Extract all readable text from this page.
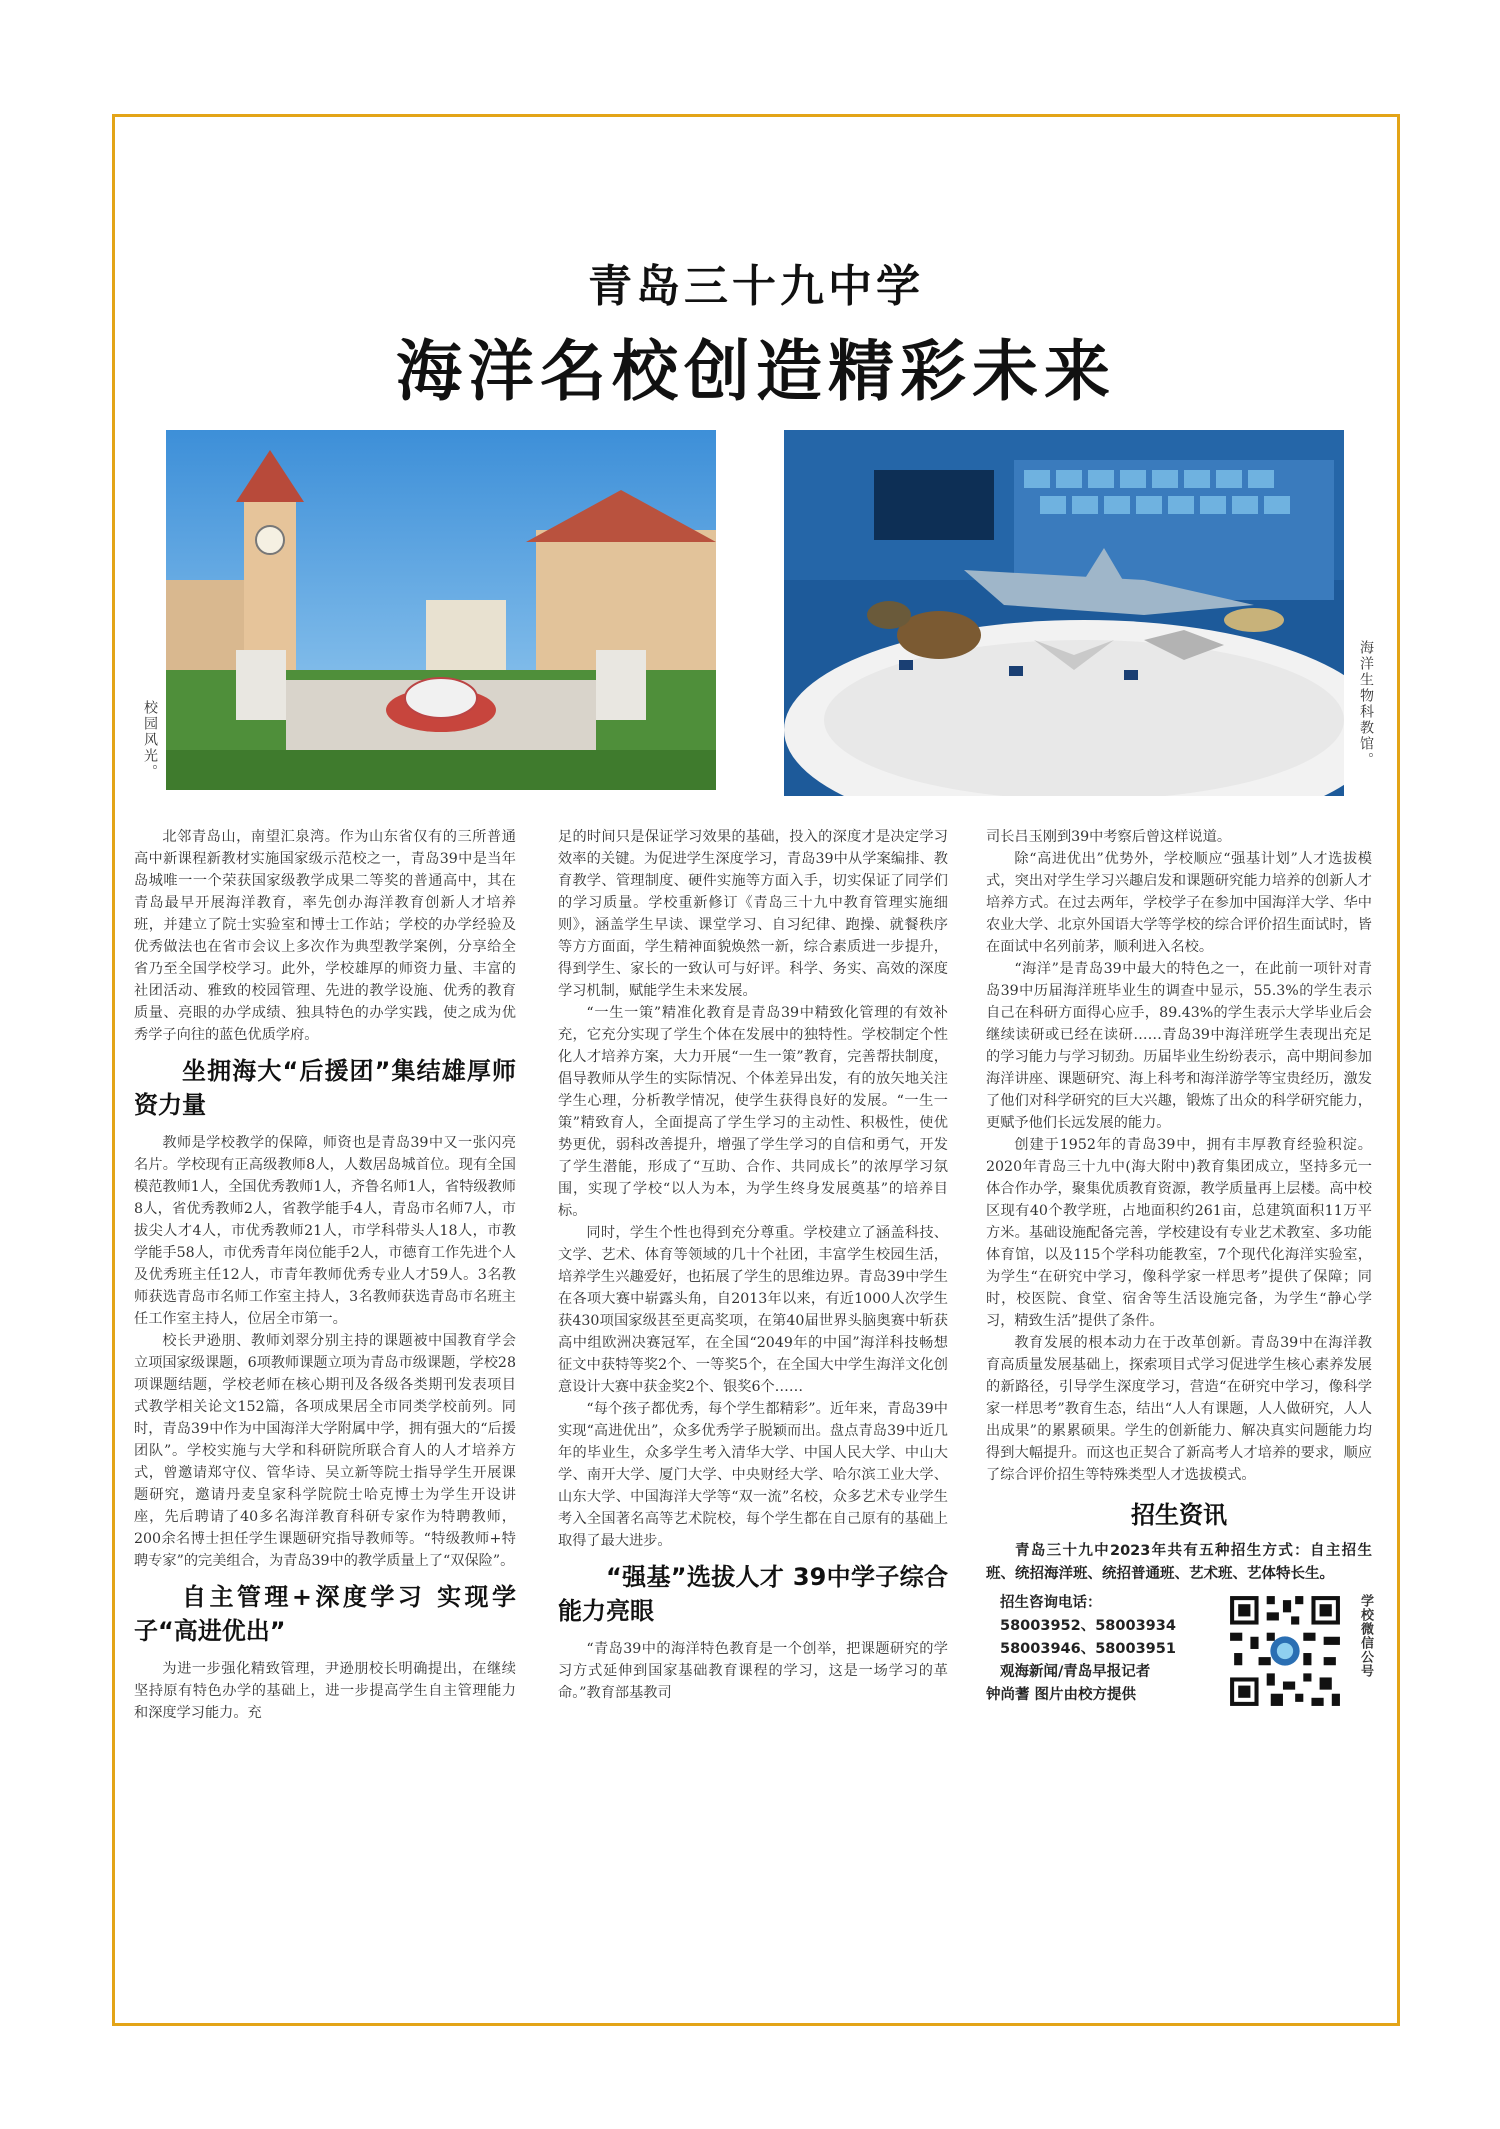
青岛三十九中学
海洋名校创造精彩未来
校园风光。	海洋生物科教馆。

北邻青岛山，南望汇泉湾。作为山东省仅有的三所普通高中新课程新教材实施国家级示范校之一，青岛39中是当年岛城唯一一个荣获国家级教学成果二等奖的普通高中，其在青岛最早开展海洋教育，率先创办海洋教育创新人才培养班，并建立了院士实验室和博士工作站；学校的办学经验及优秀做法也在省市会议上多次作为典型教学案例，分享给全省乃至全国学校学习。此外，学校雄厚的师资力量、丰富的社团活动、雅致的校园管理、先进的教学设施、优秀的教育质量、亮眼的办学成绩、独具特色的办学实践，使之成为优秀学子向往的蓝色优质学府。

坐拥海大“后援团”集结雄厚师资力量

教师是学校教学的保障，师资也是青岛39中又一张闪亮名片。学校现有正高级教师8人，人数居岛城首位。现有全国模范教师1人，全国优秀教师1人，齐鲁名师1人，省特级教师8人，省优秀教师2人，省教学能手4人，青岛市名师7人，市拔尖人才4人，市优秀教师21人，市学科带头人18人，市教学能手58人，市优秀青年岗位能手2人，市德育工作先进个人及优秀班主任12人，市青年教师优秀专业人才59人。3名教师获选青岛市名师工作室主持人，3名教师获选青岛市名班主任工作室主持人，位居全市第一。

校长尹逊朋、教师刘翠分别主持的课题被中国教育学会立项国家级课题，6项教师课题立项为青岛市级课题，学校28项课题结题，学校老师在核心期刊及各级各类期刊发表项目式教学相关论文152篇，各项成果居全市同类学校前列。同时，青岛39中作为中国海洋大学附属中学，拥有强大的“后援团队”。学校实施与大学和科研院所联合育人的人才培养方式，曾邀请郑守仪、管华诗、吴立新等院士指导学生开展课题研究，邀请丹麦皇家科学院院士哈克博士为学生开设讲座，先后聘请了40多名海洋教育科研专家作为特聘教师，200余名博士担任学生课题研究指导教师等。“特级教师+特聘专家”的完美组合，为青岛39中的教学质量上了“双保险”。

自主管理+深度学习 实现学子“高进优出”

为进一步强化精致管理，尹逊朋校长明确提出，在继续坚持原有特色办学的基础上，进一步提高学生自主管理能力和深度学习能力。充

足的时间只是保证学习效果的基础，投入的深度才是决定学习效率的关键。为促进学生深度学习，青岛39中从学案编排、教育教学、管理制度、硬件实施等方面入手，切实保证了同学们的学习质量。学校重新修订《青岛三十九中教育管理实施细则》，涵盖学生早读、课堂学习、自习纪律、跑操、就餐秩序等方方面面，学生精神面貌焕然一新，综合素质进一步提升，得到学生、家长的一致认可与好评。科学、务实、高效的深度学习机制，赋能学生未来发展。

“一生一策”精准化教育是青岛39中精致化管理的有效补充，它充分实现了学生个体在发展中的独特性。学校制定个性化人才培养方案，大力开展“一生一策”教育，完善帮扶制度，倡导教师从学生的实际情况、个体差异出发，有的放矢地关注学生心理，分析教学情况，使学生获得良好的发展。“一生一策”精致育人，全面提高了学生学习的主动性、积极性，使优势更优，弱科改善提升，增强了学生学习的自信和勇气，开发了学生潜能，形成了“互助、合作、共同成长”的浓厚学习氛围，实现了学校“以人为本，为学生终身发展奠基”的培养目标。

同时，学生个性也得到充分尊重。学校建立了涵盖科技、文学、艺术、体育等领域的几十个社团，丰富学生校园生活，培养学生兴趣爱好，也拓展了学生的思维边界。青岛39中学生在各项大赛中崭露头角，自2013年以来，有近1000人次学生获430项国家级甚至更高奖项，在第40届世界头脑奥赛中斩获高中组欧洲决赛冠军，在全国“2049年的中国”海洋科技畅想征文中获特等奖2个、一等奖5个，在全国大中学生海洋文化创意设计大赛中获金奖2个、银奖6个……

“每个孩子都优秀，每个学生都精彩”。近年来，青岛39中实现“高进优出”，众多优秀学子脱颖而出。盘点青岛39中近几年的毕业生，众多学生考入清华大学、中国人民大学、中山大学、南开大学、厦门大学、中央财经大学、哈尔滨工业大学、山东大学、中国海洋大学等“双一流”名校，众多艺术专业学生考入全国著名高等艺术院校，每个学生都在自己原有的基础上取得了最大进步。

“强基”选拔人才 39中学子综合能力亮眼

“青岛39中的海洋特色教育是一个创举，把课题研究的学习方式延伸到国家基础教育课程的学习，这是一场学习的革命。”教育部基教司

司长吕玉刚到39中考察后曾这样说道。

除“高进优出”优势外，学校顺应“强基计划”人才选拔模式，突出对学生学习兴趣启发和课题研究能力培养的创新人才培养方式。在过去两年，学校学子在参加中国海洋大学、华中农业大学、北京外国语大学等学校的综合评价招生面试时，皆在面试中名列前茅，顺利进入名校。

“海洋”是青岛39中最大的特色之一，在此前一项针对青岛39中历届海洋班毕业生的调查中显示，55.3%的学生表示自己在科研方面得心应手，89.43%的学生表示大学毕业后会继续读研或已经在读研……青岛39中海洋班学生表现出充足的学习能力与学习韧劲。历届毕业生纷纷表示，高中期间参加海洋讲座、课题研究、海上科考和海洋游学等宝贵经历，激发了他们对科学研究的巨大兴趣，锻炼了出众的科学研究能力，更赋予他们长远发展的能力。

创建于1952年的青岛39中，拥有丰厚教育经验积淀。2020年青岛三十九中(海大附中)教育集团成立，坚持多元一体合作办学，聚集优质教育资源，教学质量再上层楼。高中校区现有40个教学班，占地面积约261亩，总建筑面积11万平方米。基础设施配备完善，学校建设有专业艺术教室、多功能体育馆，以及115个学科功能教室，7个现代化海洋实验室，为学生“在研究中学习，像科学家一样思考”提供了保障；同时，校医院、食堂、宿舍等生活设施完备，为学生“静心学习，精致生活”提供了条件。

教育发展的根本动力在于改革创新。青岛39中在海洋教育高质量发展基础上，探索项目式学习促进学生核心素养发展的新路径，引导学生深度学习，营造“在研究中学习，像科学家一样思考”教育生态，结出“人人有课题，人人做研究，人人出成果”的累累硕果。学生的创新能力、解决真实问题能力均得到大幅提升。而这也正契合了新高考人才培养的要求，顺应了综合评价招生等特殊类型人才选拔模式。

招生资讯

青岛三十九中2023年共有五种招生方式：自主招生班、统招海洋班、统招普通班、艺术班、艺体特长生。

招生咨询电话：
58003952、58003934
58003946、58003951
观海新闻/青岛早报记者
钟尚蓍 图片由校方提供
学校微信公号
